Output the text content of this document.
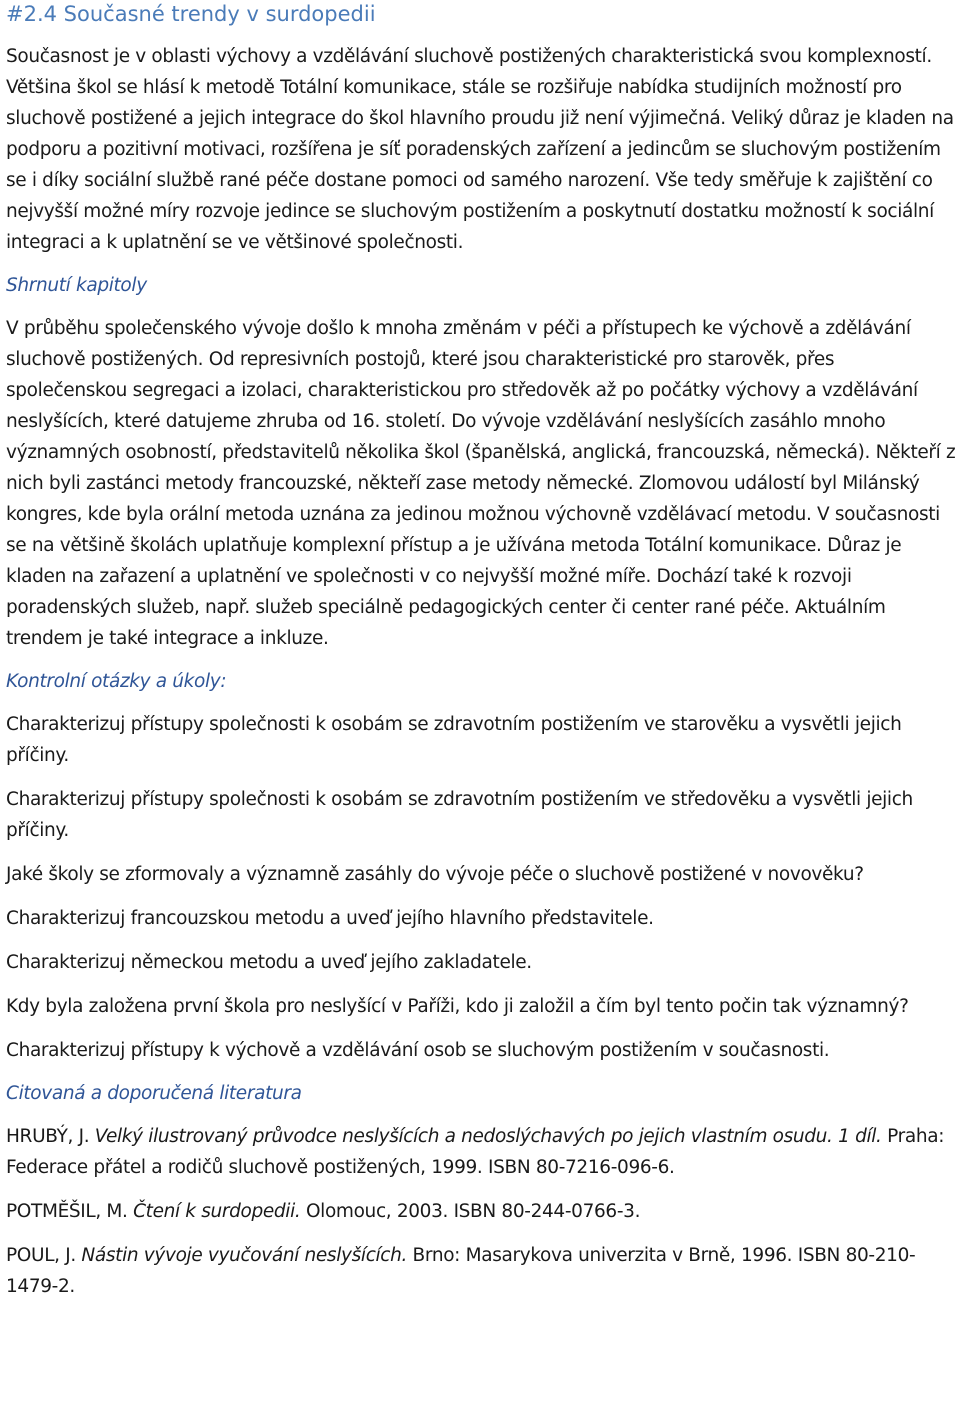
#2.4 Současné trendy v surdopedii

Současnost je v oblasti výchovy a vzdělávání sluchově postižených charakteristická svou komplexností. Většina škol se hlásí k metodě Totální komunikace, stále se rozšiřuje nabídka studijních možností pro sluchově postižené a jejich integrace do škol hlavního proudu již není výjimečná. Veliký důraz je kladen na podporu a pozitivní motivaci, rozšířena je síť poradenských zařízení a jedincům se sluchovým postižením se i díky sociální službě rané péče dostane pomoci od samého narození. Vše tedy směřuje k zajištění co nejvyšší možné míry rozvoje jedince se sluchovým postižením a poskytnutí dostatku možností k sociální integraci a k uplatnění se ve většinové společnosti.

Shrnutí kapitoly

V průběhu společenského vývoje došlo k mnoha změnám v péči a přístupech ke výchově a zdělávání sluchově postižených. Od represivních postojů, které jsou charakteristické pro starověk, přes společenskou segregaci a izolaci, charakteristickou pro středověk až po počátky výchovy a vzdělávání neslyšících, které datujeme zhruba od 16. století. Do vývoje vzdělávání neslyšících zasáhlo mnoho významných osobností, představitelů několika škol (španělská, anglická, francouzská, německá). Někteří z nich byli zastánci metody francouzské, někteří zase metody německé. Zlomovou událostí byl Milánský kongres, kde byla orální metoda uznána za jedinou možnou výchovně vzdělávací metodu. V současnosti se na většině školách uplatňuje komplexní přístup a je užívána metoda Totální komunikace. Důraz je kladen na zařazení a uplatnění ve společnosti v co nejvyšší možné míře. Dochází také k rozvoji poradenských služeb, např. služeb speciálně pedagogických center či center rané péče. Aktuálním trendem je také integrace a inkluze.

Kontrolní otázky a úkoly:

Charakterizuj přístupy společnosti k osobám se zdravotním postižením ve starověku a vysvětli jejich příčiny.

Charakterizuj přístupy společnosti k osobám se zdravotním postižením ve středověku a vysvětli jejich příčiny.

Jaké školy se zformovaly a významně zasáhly do vývoje péče o sluchově postižené v novověku?

Charakterizuj francouzskou metodu a uveď jejího hlavního představitele.

Charakterizuj německou metodu a uveď jejího zakladatele.

Kdy byla založena první škola pro neslyšící v Paříži, kdo ji založil a čím byl tento počin tak významný?

Charakterizuj přístupy k výchově a vzdělávání osob se sluchovým postižením v současnosti.

Citovaná a doporučená literatura

HRUBÝ, J. Velký ilustrovaný průvodce neslyšících a nedoslýchavých po jejich vlastním osudu. 1 díl. Praha: Federace přátel a rodičů sluchově postižených, 1999. ISBN 80-7216-096-6.

POTMĚŠIL, M. Čtení k surdopedii. Olomouc, 2003. ISBN 80-244-0766-3.

POUL, J. Nástin vývoje vyučování neslyšících. Brno: Masarykova univerzita v Brně, 1996. ISBN 80-210-1479-2.
